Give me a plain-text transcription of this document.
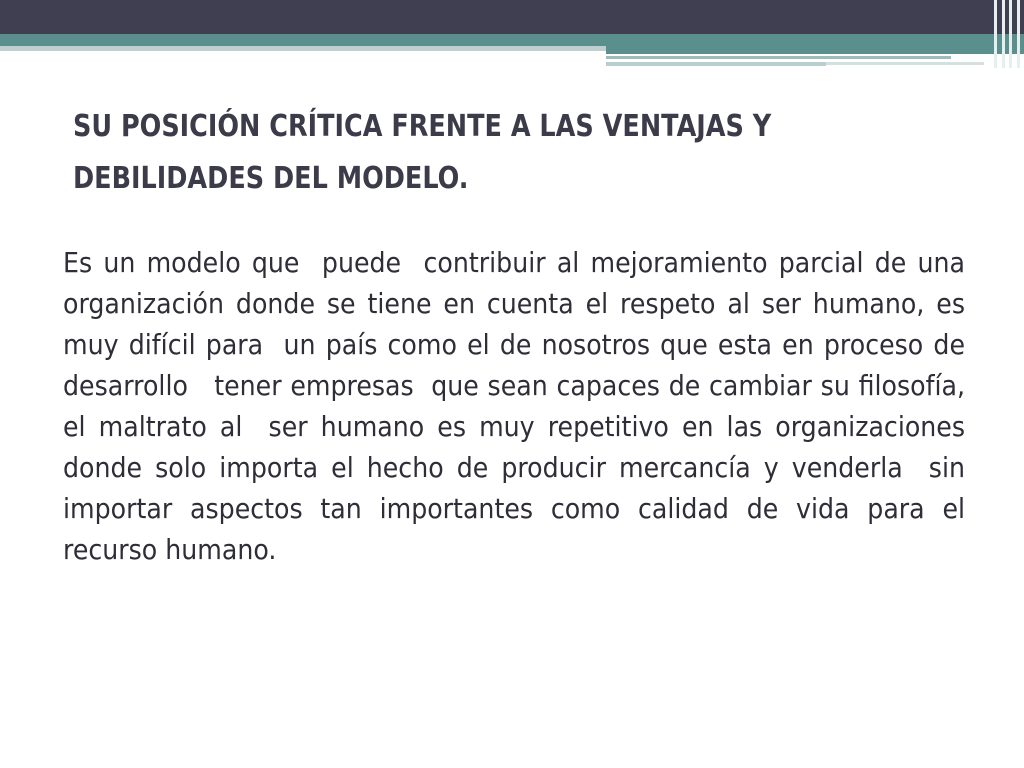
SU POSICIÓN CRÍTICA FRENTE A LAS VENTAJAS Y DEBILIDADES DEL MODELO.

Es un modelo que  puede  contribuir al mejoramiento parcial de una organización donde se tiene en cuenta el respeto al ser humano, es muy difícil para  un país como el de nosotros que esta en proceso de desarrollo   tener empresas  que sean capaces de cambiar su filosofía, el maltrato al  ser humano es muy repetitivo en las organizaciones donde solo importa el hecho de producir mercancía y venderla  sin importar aspectos tan importantes como calidad de vida para el  recurso humano.
